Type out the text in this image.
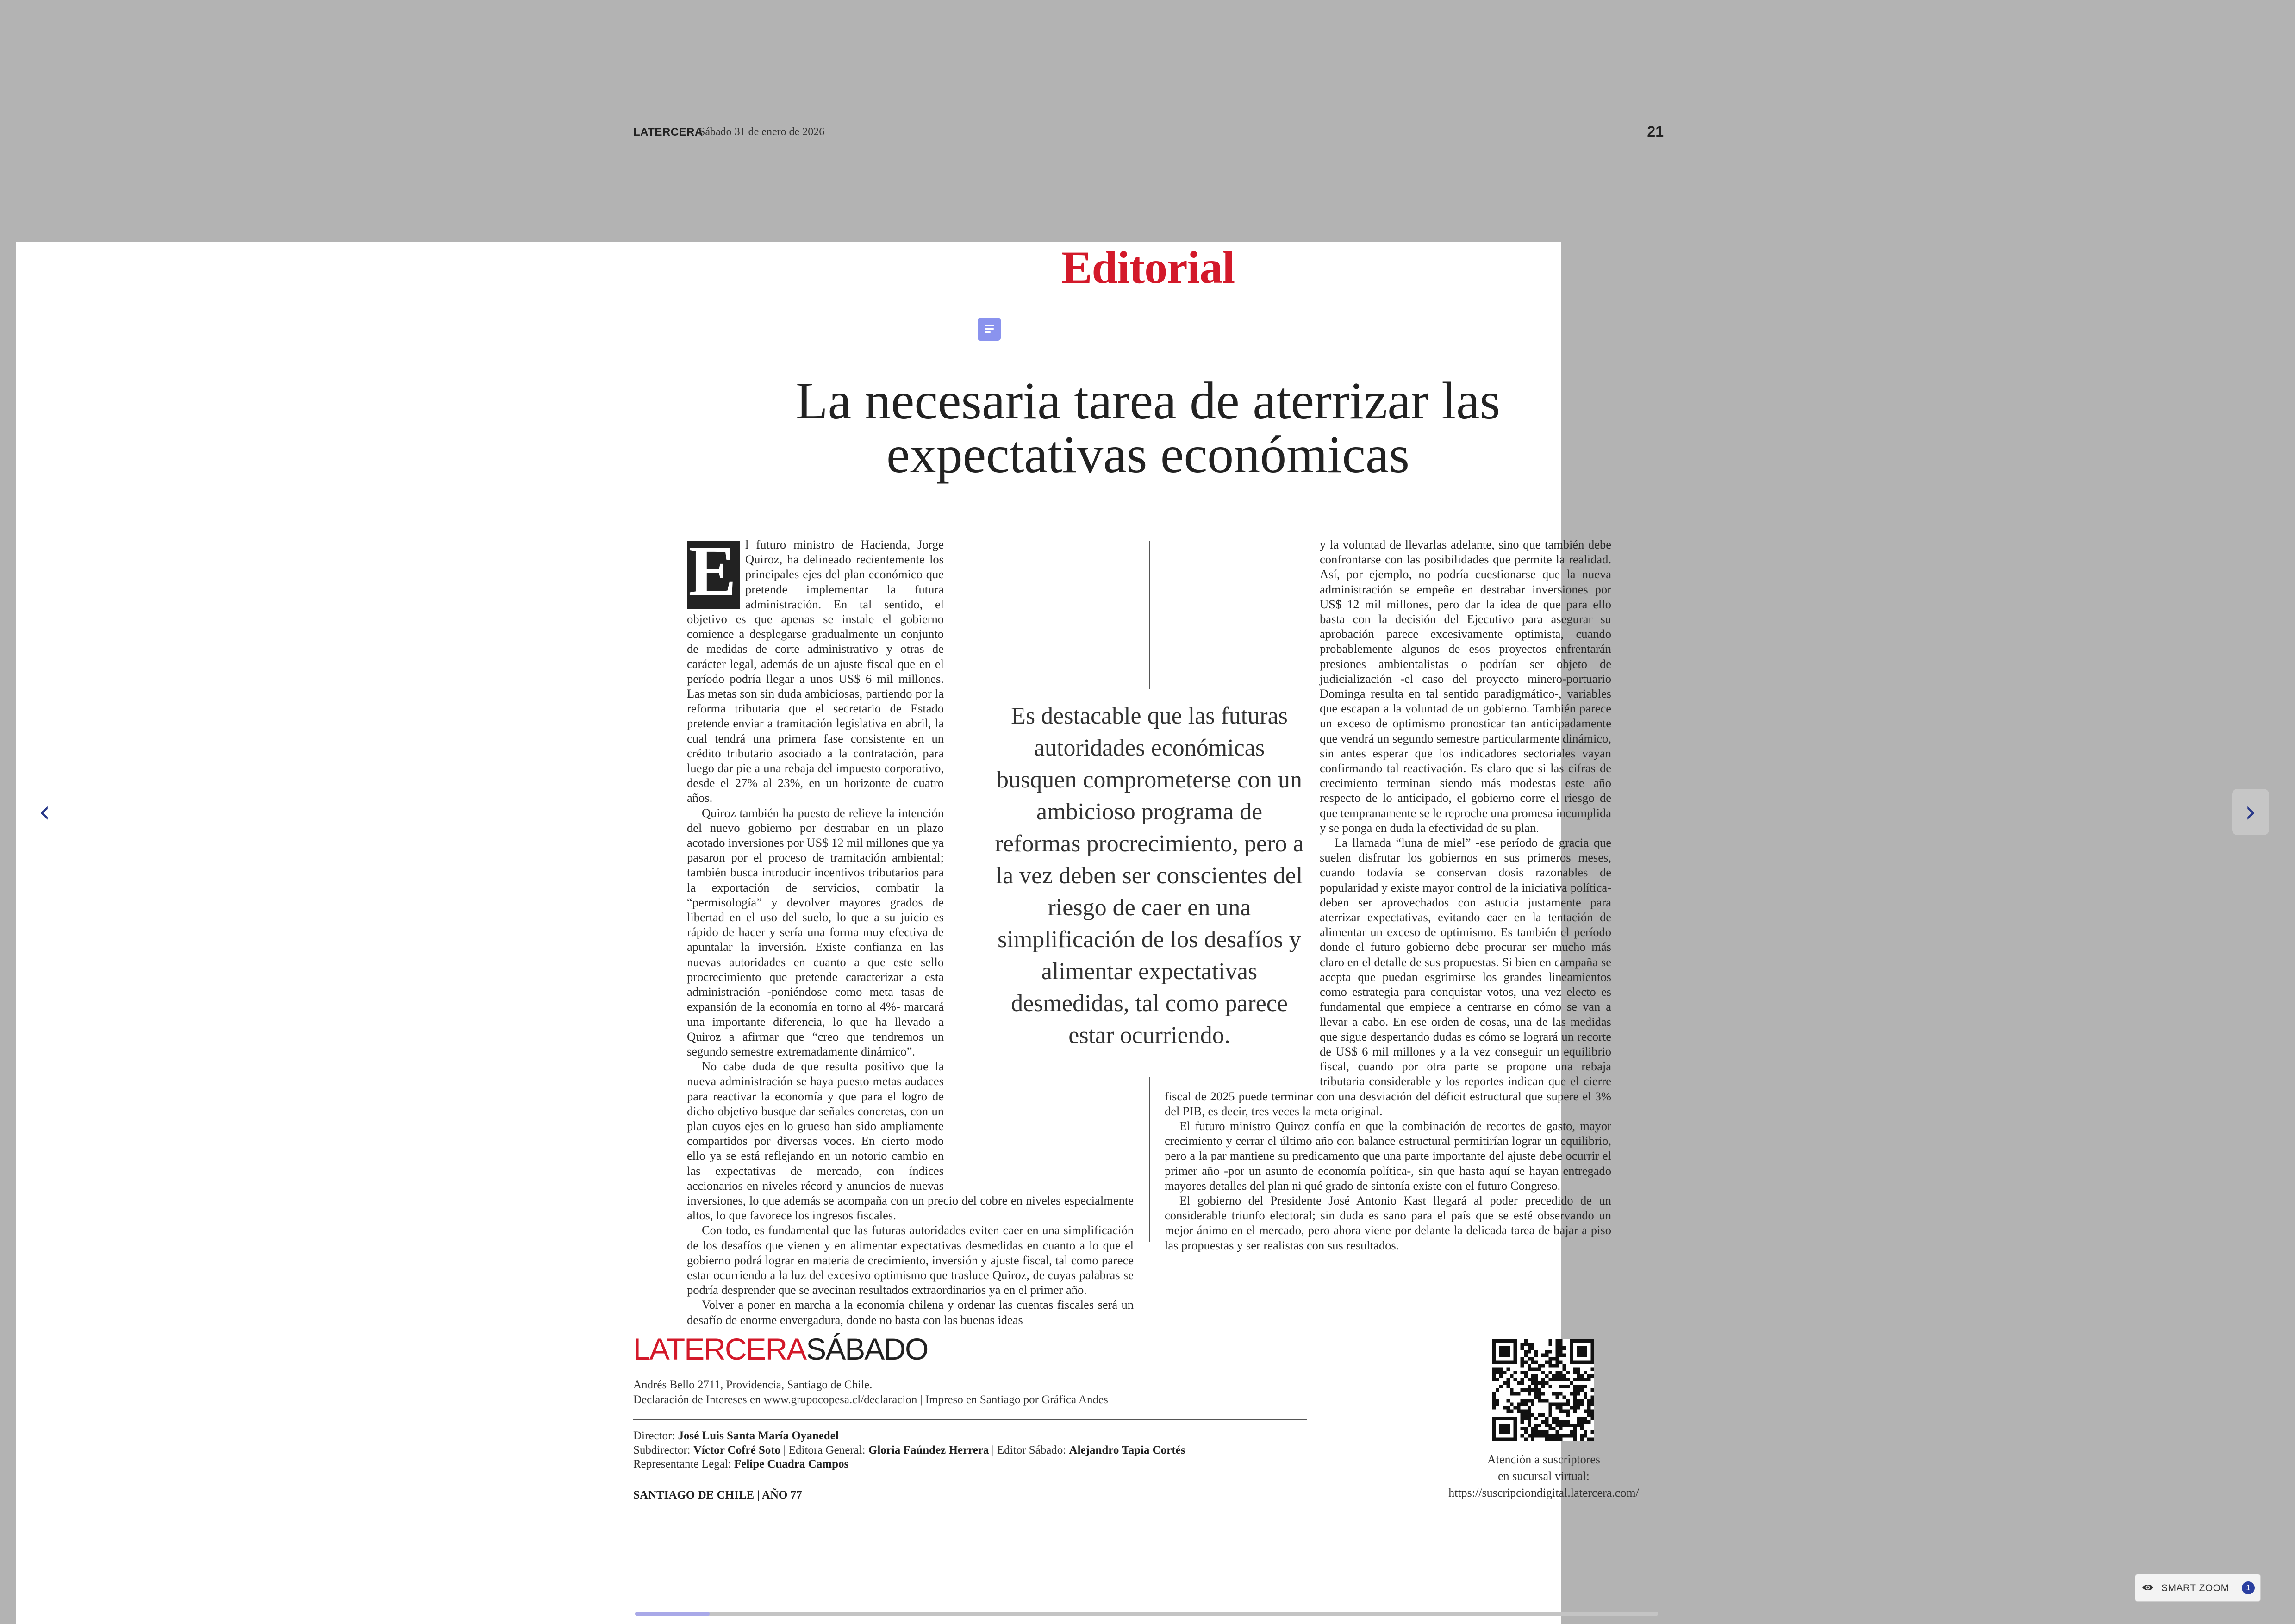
LATERCERA
Sábado 31 de enero de 2026	21
Editorial
La necesaria tarea de aterrizar las
expectativas económicas
E l futuro ministro de Hacienda, Jorge Quiroz, ha delineado recientemente los principales ejes del plan económico que pretende implementar la futura administración. En tal sentido, el objetivo es que apenas se instale el gobierno comience a desplegarse gradualmente un conjunto de medidas de corte administrativo y otras de carácter legal, además de un ajuste fiscal que en el período podría llegar a unos US$ 6 mil millones. Las metas son sin duda ambiciosas, partiendo por la reforma tributaria que el secretario de Estado pretende enviar a tramitación legislativa en abril, la cual tendrá una primera fase consistente en un crédito tributario asociado a la contratación, para luego dar pie a una rebaja del impuesto corporativo, desde el 27% al 23%, en un horizonte de cuatro años.

Quiroz también ha puesto de relieve la intención del nuevo gobierno por destrabar en un plazo acotado inversiones por US$ 12 mil millones que ya pasaron por el proceso de tramitación ambiental; también busca introducir incentivos tributarios para la exportación de servicios, combatir la “permisología” y devolver mayores grados de libertad en el uso del suelo, lo que a su juicio es rápido de hacer y sería una forma muy efectiva de apuntalar la inversión. Existe confianza en las nuevas autoridades en cuanto a que este sello procrecimiento que pretende caracterizar a esta administración -poniéndose como meta tasas de expansión de la economía en torno al 4%- marcará una importante diferencia, lo que ha llevado a Quiroz a afirmar que “creo que tendremos un segundo semestre extremadamente dinámico”.

No cabe duda de que resulta positivo que la nueva administración se haya puesto metas audaces para reactivar la economía y que para el logro de dicho objetivo busque dar señales concretas, con un plan cuyos ejes en lo grueso han sido ampliamente compartidos por diversas voces. En cierto modo ello ya se está reflejando en un notorio cambio en las expectativas de mercado, con índices accionarios en niveles récord y anuncios de nuevas inversiones, lo que además se acompaña con un precio del cobre en niveles especialmente altos, lo que favorece los ingresos fiscales.

Con todo, es fundamental que las futuras autoridades eviten caer en una simplificación de los desafíos que vienen y en alimentar expectativas desmedidas en cuanto a lo que el gobierno podrá lograr en materia de crecimiento, inversión y ajuste fiscal, tal como parece estar ocurriendo a la luz del excesivo optimismo que trasluce Quiroz, de cuyas palabras se podría desprender que se avecinan resultados extraordinarios ya en el primer año.

Volver a poner en marcha a la economía chilena y ordenar las cuentas fiscales será un desafío de enorme envergadura, donde no basta con las buenas ideas

y la voluntad de llevarlas adelante, sino que también debe confrontarse con las posibilidades que permite la realidad. Así, por ejemplo, no podría cuestionarse que la nueva administración se empeñe en destrabar inversiones por US$ 12 mil millones, pero dar la idea de que para ello basta con la decisión del Ejecutivo para asegurar su aprobación parece excesivamente optimista, cuando probablemente algunos de esos proyectos enfrentarán presiones ambientalistas o podrían ser objeto de judicialización -el caso del proyecto minero-portuario Dominga resulta en tal sentido paradigmático-, variables que escapan a la voluntad de un gobierno. También parece un exceso de optimismo pronosticar tan anticipadamente que vendrá un segundo semestre particularmente dinámico, sin antes esperar que los indicadores sectoriales vayan confirmando tal reactivación. Es claro que si las cifras de crecimiento terminan siendo más modestas este año respecto de lo anticipado, el gobierno corre el riesgo de que tempranamente se le reproche una promesa incumplida y se ponga en duda la efectividad de su plan.

La llamada “luna de miel” -ese período de gracia que suelen disfrutar los gobiernos en sus primeros meses, cuando todavía se conservan dosis razonables de popularidad y existe mayor control de la iniciativa política- deben ser aprovechados con astucia justamente para aterrizar expectativas, evitando caer en la tentación de alimentar un exceso de optimismo. Es también el período donde el futuro gobierno debe procurar ser mucho más claro en el detalle de sus propuestas. Si bien en campaña se acepta que puedan esgrimirse los grandes lineamientos como estrategia para conquistar votos, una vez electo es fundamental que empiece a centrarse en cómo se van a llevar a cabo. En ese orden de cosas, una de las medidas que sigue despertando dudas es cómo se logrará un recorte de US$ 6 mil millones y a la vez conseguir un equilibrio fiscal, cuando por otra parte se propone una rebaja tributaria considerable y los reportes indican que el cierre fiscal de 2025 puede terminar con una desviación del déficit estructural que supere el 3% del PIB, es decir, tres veces la meta original.

El futuro ministro Quiroz confía en que la combinación de recortes de gasto, mayor crecimiento y cerrar el último año con balance estructural permitirían lograr un equilibrio, pero a la par mantiene su predicamento que una parte importante del ajuste debe ocurrir el primer año -por un asunto de economía política-, sin que hasta aquí se hayan entregado mayores detalles del plan ni qué grado de sintonía existe con el futuro Congreso.

El gobierno del Presidente José Antonio Kast llegará al poder precedido de un considerable triunfo electoral; sin duda es sano para el país que se esté observando un mejor ánimo en el mercado, pero ahora viene por delante la delicada tarea de bajar a piso las propuestas y ser realistas con sus resultados.

Es destacable que las futuras autoridades económicas busquen comprometerse con un ambicioso programa de reformas procrecimiento, pero a la vez deben ser conscientes del riesgo de caer en una simplificación de los desafíos y alimentar expectativas desmedidas, tal como parece estar ocurriendo.
LATERCERASÁBADO
Andrés Bello 2711, Providencia, Santiago de Chile.
Declaración de Intereses en www.grupocopesa.cl/declaracion | Impreso en Santiago por Gráfica Andes
Director: José Luis Santa María Oyanedel
Subdirector: Víctor Cofré Soto | Editora General: Gloria Faúndez Herrera | Editor Sábado: Alejandro Tapia Cortés
Representante Legal: Felipe Cuadra Campos
SANTIAGO DE CHILE | AÑO 77
Atención a suscriptores
en sucursal virtual:
https://suscripciondigital.latercera.com/
‹	›
SMART ZOOM	1
